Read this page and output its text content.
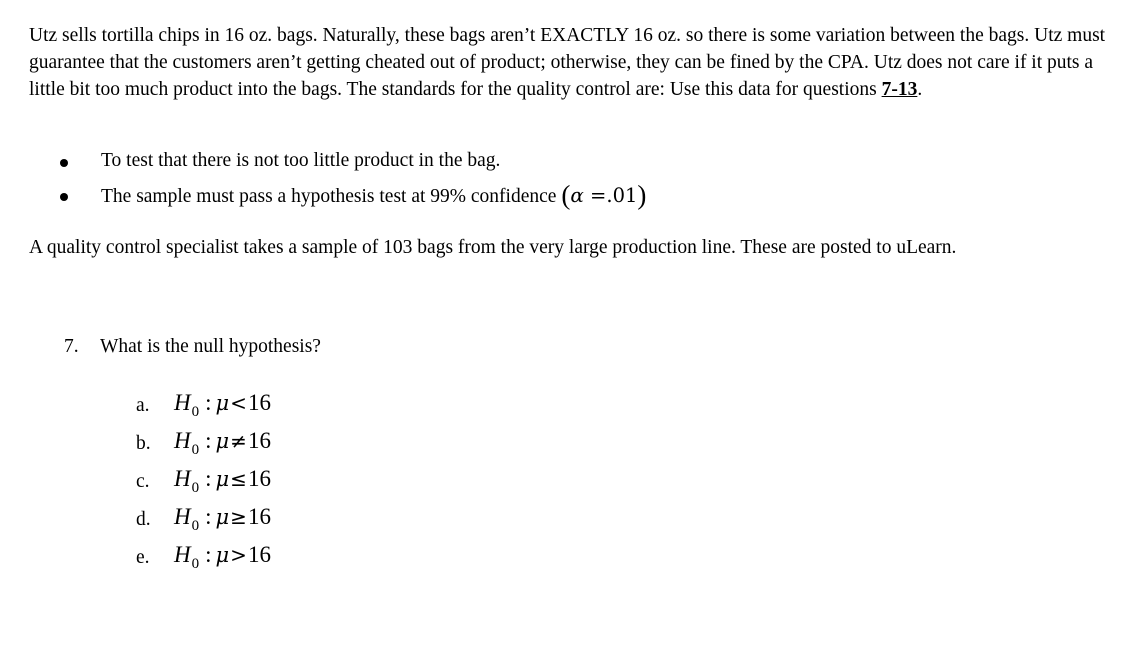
Utz sells tortilla chips in 16 oz. bags. Naturally, these bags aren’t EXACTLY 16 oz. so there is some variation between the bags. Utz must guarantee that the customers aren’t getting cheated out of product; otherwise, they can be fined by the CPA. Utz does not care if it puts a little bit too much product into the bags. The standards for the quality control are: Use this data for questions 7-13.

To test that there is not too little product in the bag.
The sample must pass a hypothesis test at 99% confidence (α =.01)

A quality control specialist takes a sample of 103 bags from the very large production line. These are posted to uLearn.

7. What is the null hypothesis?
a. $H_0$ : μ<16
b. $H_0$ : μ≠16
c. $H_0$ : μ≤16
d. $H_0$ : μ≥16
e. $H_0$ : μ>16
